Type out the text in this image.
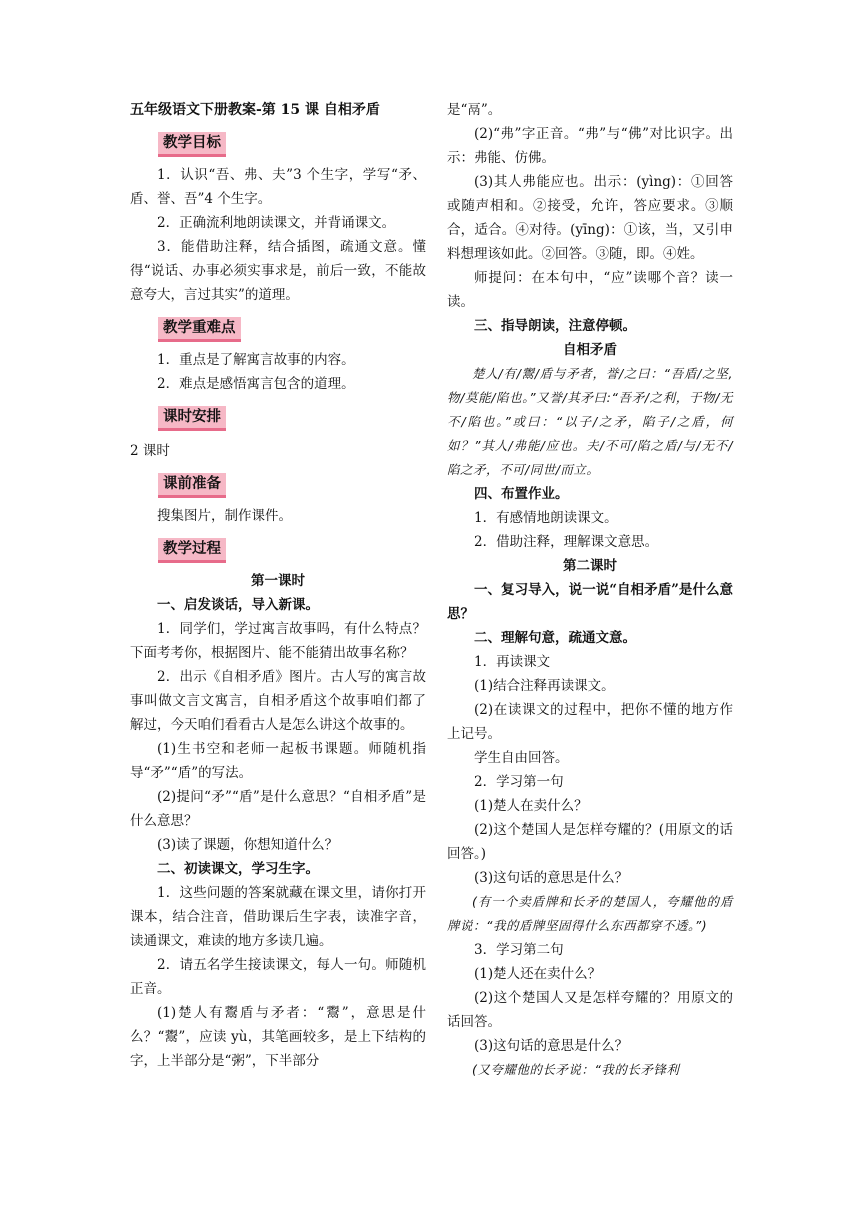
五年级语文下册教案-第 15 课 自相矛盾

教学目标

1．认识“吾、弗、夫”3 个生字，学写“矛、盾、誉、吾”4 个生字。

2．正确流利地朗读课文，并背诵课文。

3．能借助注释，结合插图，疏通文意。懂得“说话、办事必须实事求是，前后一致，不能故意夸大，言过其实”的道理。

教学重难点

1．重点是了解寓言故事的内容。

2．难点是感悟寓言包含的道理。

课时安排

2 课时

课前准备

搜集图片，制作课件。

教学过程

第一课时

一、启发谈话，导入新课。

1．同学们，学过寓言故事吗，有什么特点？下面考考你，根据图片、能不能猜出故事名称？

2．出示《自相矛盾》图片。古人写的寓言故事叫做文言文寓言，自相矛盾这个故事咱们都了解过，今天咱们看看古人是怎么讲这个故事的。

(1)生书空和老师一起板书课题。师随机指导“矛”“盾”的写法。

(2)提问“矛”“盾”是什么意思？“自相矛盾”是什么意思？

(3)读了课题，你想知道什么？

二、初读课文，学习生字。

1．这些问题的答案就藏在课文里，请你打开课本，结合注音，借助课后生字表，读准字音，读通课文，难读的地方多读几遍。

2．请五名学生接读课文，每人一句。师随机正音。

(1)楚人有鬻盾与矛者：“鬻”，意思是什么？“鬻”，应读 yù，其笔画较多，是上下结构的字，上半部分是“粥”，下半部分

是“鬲”。

(2)“弗”字正音。“弗”与“佛”对比识字。出示：弗能、仿佛。

(3)其人弗能应也。出示：(yìng)：①回答或随声相和。②接受，允许，答应要求。③顺合，适合。④对待。(yīng)：①该，当，又引申料想理该如此。②回答。③随，即。④姓。

师提问：在本句中，“应”读哪个音？读一读。

三、指导朗读，注意停顿。

自相矛盾

楚人/有/鬻/盾与矛者，誉/之曰：“吾盾/之坚,物/莫能/陷也。”又誉/其矛曰:“吾矛/之利，于物/无不/陷也。”或曰：“以子/之矛，陷子/之盾，何如？”其人/弗能/应也。夫/不可/陷之盾/与/无不/陷之矛，不可/同世/而立。

四、布置作业。

1．有感情地朗读课文。

2．借助注释，理解课文意思。

第二课时

一、复习导入，说一说“自相矛盾”是什么意思？

二、理解句意，疏通文意。

1．再读课文

(1)结合注释再读课文。

(2)在读课文的过程中，把你不懂的地方作上记号。

学生自由回答。

2．学习第一句

(1)楚人在卖什么？

(2)这个楚国人是怎样夸耀的？(用原文的话回答。)

(3)这句话的意思是什么？

(有一个卖盾牌和长矛的楚国人，夸耀他的盾牌说：“我的盾牌坚固得什么东西都穿不透。”)

3．学习第二句

(1)楚人还在卖什么？

(2)这个楚国人又是怎样夸耀的？用原文的话回答。

(3)这句话的意思是什么？

(又夸耀他的长矛说：“我的长矛锋利
